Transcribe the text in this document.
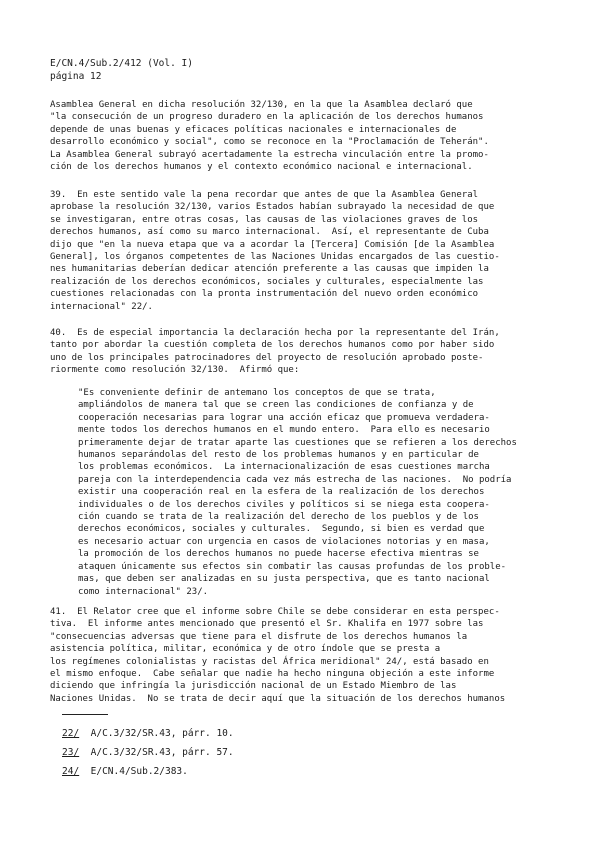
E/CN.4/Sub.2/412 (Vol. I)
página 12

Asamblea General en dicha resolución 32/130, en la que la Asamblea declaró que

"la consecución de un progreso duradero en la aplicación de los derechos humanos

depende de unas buenas y eficaces políticas nacionales e internacionales de

desarrollo económico y social", como se reconoce en la "Proclamación de Teherán".

La Asamblea General subrayó acertadamente la estrecha vinculación entre la promo-

ción de los derechos humanos y el contexto económico nacional e internacional.

39.  En este sentido vale la pena recordar que antes de que la Asamblea General

aprobase la resolución 32/130, varios Estados habían subrayado la necesidad de que

se investigaran, entre otras cosas, las causas de las violaciones graves de los

derechos humanos, así como su marco internacional.  Así, el representante de Cuba

dijo que "en la nueva etapa que va a acordar la [Tercera] Comisión [de la Asamblea

General], los órganos competentes de las Naciones Unidas encargados de las cuestio-

nes humanitarias deberían dedicar atención preferente a las causas que impiden la

realización de los derechos económicos, sociales y culturales, especialmente las

cuestiones relacionadas con la pronta instrumentación del nuevo orden económico

internacional" 22/.

40.  Es de especial importancia la declaración hecha por la representante del Irán,

tanto por abordar la cuestión completa de los derechos humanos como por haber sido

uno de los principales patrocinadores del proyecto de resolución aprobado poste-

riormente como resolución 32/130.  Afirmó que:

"Es conveniente definir de antemano los conceptos de que se trata,

ampliándolos de manera tal que se creen las condiciones de confianza y de

cooperación necesarias para lograr una acción eficaz que promueva verdadera-

mente todos los derechos humanos en el mundo entero.  Para ello es necesario

primeramente dejar de tratar aparte las cuestiones que se refieren a los derechos

humanos separándolas del resto de los problemas humanos y en particular de

los problemas económicos.  La internacionalización de esas cuestiones marcha

pareja con la interdependencia cada vez más estrecha de las naciones.  No podría

existir una cooperación real en la esfera de la realización de los derechos

individuales o de los derechos civiles y políticos si se niega esta coopera-

ción cuando se trata de la realización del derecho de los pueblos y de los

derechos económicos, sociales y culturales.  Segundo, si bien es verdad que

es necesario actuar con urgencia en casos de violaciones notorias y en masa,

la promoción de los derechos humanos no puede hacerse efectiva mientras se

ataquen únicamente sus efectos sin combatir las causas profundas de los proble-

mas, que deben ser analizadas en su justa perspectiva, que es tanto nacional

como internacional" 23/.

41.  El Relator cree que el informe sobre Chile se debe considerar en esta perspec-

tiva.  El informe antes mencionado que presentó el Sr. Khalifa en 1977 sobre las

"consecuencias adversas que tiene para el disfrute de los derechos humanos la

asistencia política, militar, económica y de otro índole que se presta a

los regímenes colonialistas y racistas del África meridional" 24/, está basado en

el mismo enfoque.  Cabe señalar que nadie ha hecho ninguna objeción a este informe

diciendo que infringía la jurisdicción nacional de un Estado Miembro de las

Naciones Unidas.  No se trata de decir aquí que la situación de los derechos humanos

22/ A/C.3/32/SR.43, párr. 10.
23/ A/C.3/32/SR.43, párr. 57.
24/ E/CN.4/Sub.2/383.
